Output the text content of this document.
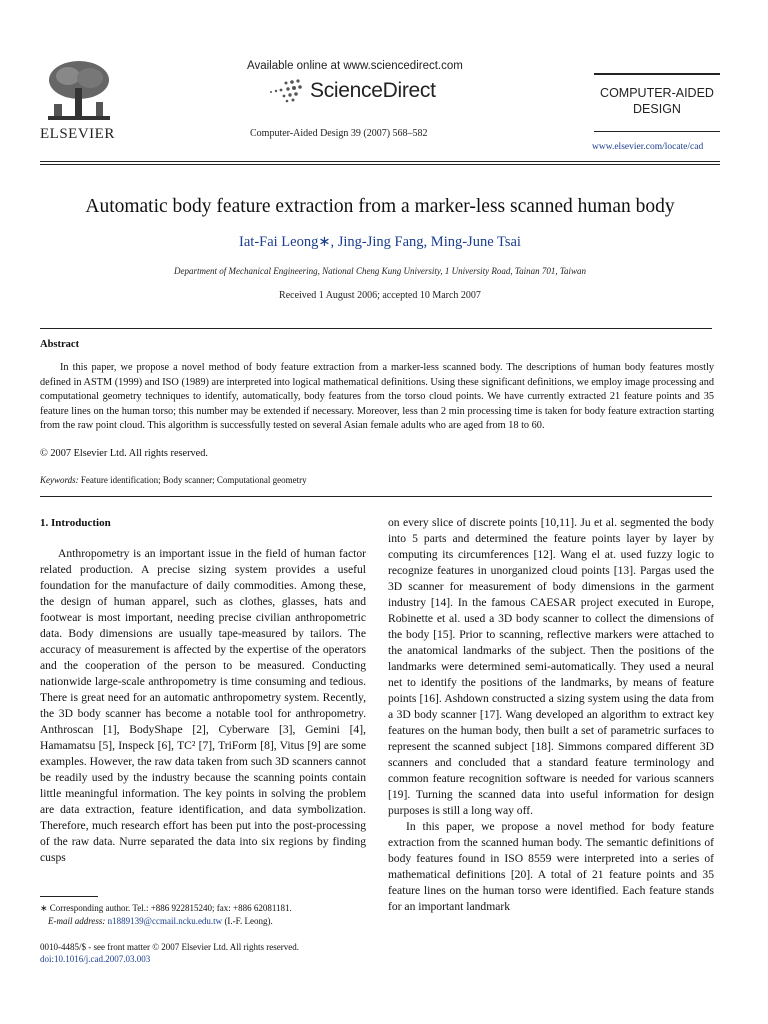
Available online at www.sciencedirect.com
ScienceDirect
Computer-Aided Design 39 (2007) 568–582
ELSEVIER
COMPUTER-AIDED
DESIGN
www.elsevier.com/locate/cad
Automatic body feature extraction from a marker-less scanned human body
Iat-Fai Leong∗, Jing-Jing Fang, Ming-June Tsai
Department of Mechanical Engineering, National Cheng Kung University, 1 University Road, Tainan 701, Taiwan
Received 1 August 2006; accepted 10 March 2007
Abstract
In this paper, we propose a novel method of body feature extraction from a marker-less scanned body. The descriptions of human body features mostly defined in ASTM (1999) and ISO (1989) are interpreted into logical mathematical definitions. Using these significant definitions, we employ image processing and computational geometry techniques to identify, automatically, body features from the torso cloud points. We have currently extracted 21 feature points and 35 feature lines on the human torso; this number may be extended if necessary. Moreover, less than 2 min processing time is taken for body feature extraction starting from the raw point cloud. This algorithm is successfully tested on several Asian female adults who are aged from 18 to 60.
© 2007 Elsevier Ltd. All rights reserved.
Keywords: Feature identification; Body scanner; Computational geometry
1. Introduction

Anthropometry is an important issue in the field of human factor related production. A precise sizing system provides a useful foundation for the manufacture of daily commodities. Among these, the design of human apparel, such as clothes, glasses, hats and footwear is most important, needing precise civilian anthropometric data. Body dimensions are usually tape-measured by tailors. The accuracy of measurement is affected by the expertise of the operators and the cooperation of the person to be measured. Conducting nationwide large-scale anthropometry is time consuming and tedious. There is great need for an automatic anthropometry system. Recently, the 3D body scanner has become a notable tool for anthropometry. Anthroscan [1], BodyShape [2], Cyberware [3], Gemini [4], Hamamatsu [5], Inspeck [6], TC² [7], TriForm [8], Vitus [9] are some examples. However, the raw data taken from such 3D scanners cannot be readily used by the industry because the scanning points contain little meaningful information. The key points in solving the problem are data extraction, feature identification, and data symbolization. Therefore, much research effort has been put into the post-processing of the raw data. Nurre separated the data into six regions by finding cusps

on every slice of discrete points [10,11]. Ju et al. segmented the body into 5 parts and determined the feature points layer by layer by computing its circumferences [12]. Wang el at. used fuzzy logic to recognize features in unorganized cloud points [13]. Pargas used the 3D scanner for measurement of body dimensions in the garment industry [14]. In the famous CAESAR project executed in Europe, Robinette et al. used a 3D body scanner to collect the dimensions of the body [15]. Prior to scanning, reflective markers were attached to the anatomical landmarks of the subject. Then the positions of the landmarks were determined semi-automatically. They used a neural net to identify the positions of the landmarks, by means of feature points [16]. Ashdown constructed a sizing system using the data from a 3D body scanner [17]. Wang developed an algorithm to extract key features on the human body, then built a set of parametric surfaces to represent the scanned subject [18]. Simmons compared different 3D scanners and concluded that a standard feature terminology and common feature recognition software is needed for various scanners [19]. Turning the scanned data into useful information for design purposes is still a long way off.

In this paper, we propose a novel method for body feature extraction from the scanned human body. The semantic definitions of body features found in ISO 8559 were interpreted into a series of mathematical definitions [20]. A total of 21 feature points and 35 feature lines on the human torso were identified. Each feature stands for an important landmark

∗ Corresponding author. Tel.: +886 922815240; fax: +886 62081181.
E-mail address: n1889139@ccmail.ncku.edu.tw (I.-F. Leong).
0010-4485/$ - see front matter © 2007 Elsevier Ltd. All rights reserved.
doi:10.1016/j.cad.2007.03.003
